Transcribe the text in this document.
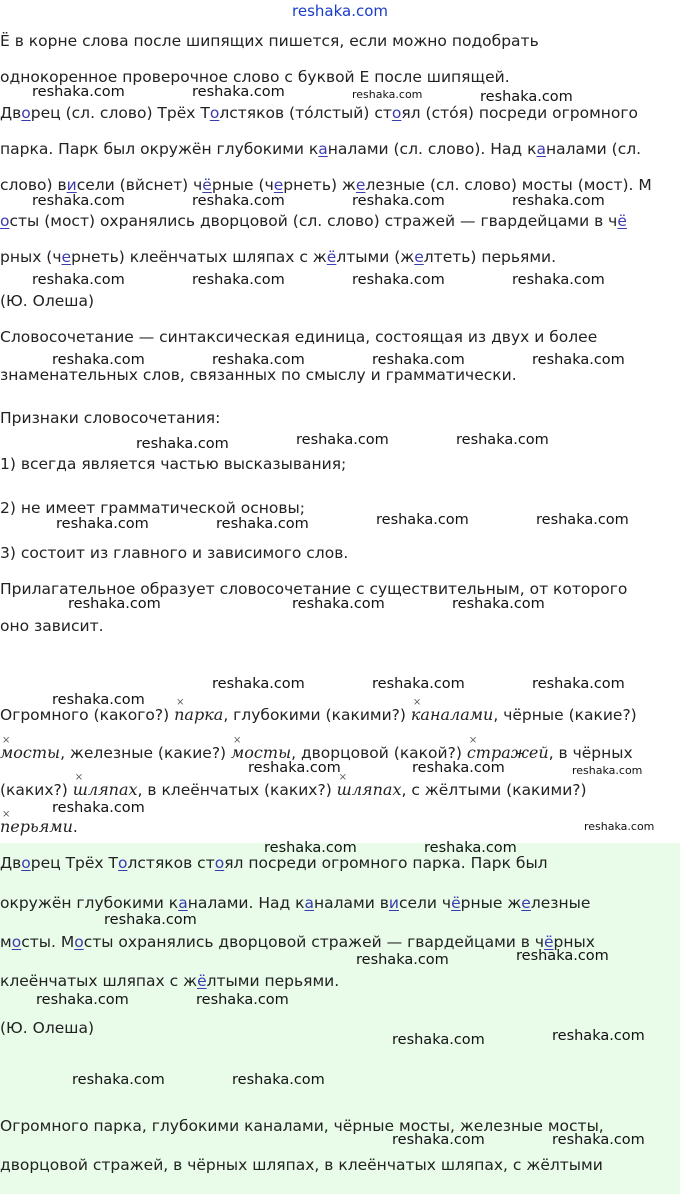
reshaka.com
Ё в корне слова после шипящих пишется, если можно подобрать
однокоренное проверочное слово с буквой Е после шипящей.
Дворец (сл. слово) Трёх Толстяков (то́лстый) стоял (стóя) посреди огромного
парка. Парк был окружён глубокими каналами (сл. слово). Над каналами (сл.
слово) висели (вйснет) чёрные (чернеть) железные (сл. слово) мосты (мост). М
осты (мост) охранялись дворцовой (сл. слово) стражей — гвардейцами в чё
рных (чернеть) клеёнчатых шляпах с жёлтыми (желтеть) перьями.
(Ю. Олеша)
Словосочетание — синтаксическая единица, состоящая из двух и более
знаменательных слов, связанных по смыслу и грамматически.
Признаки словосочетания:
1) всегда является частью высказывания;
2) не имеет грамматической основы;
3) состоит из главного и зависимого слов.
Прилагательное образует словосочетание с существительным, от которого
оно зависит.
Огромного (какого?) × парка, глубокими (какими?) × каналами, чёрные (какие?)
× мосты, железные (какие?) × мосты, дворцовой (какой?) × стражей, в чёрных
(каких?) × шляпах, в клеёнчатых (каких?) × шляпах, с жёлтыми (какими?)
× перьями.
Дворец Трёх Толстяков стоял посреди огромного парка. Парк был
окружён глубокими каналами. Над каналами висели чёрные железные
мосты. Мосты охранялись дворцовой стражей — гвардейцами в чёрных
клеёнчатых шляпах с жёлтыми перьями.
(Ю. Олеша)
Огромного парка, глубокими каналами, чёрные мосты, железные мосты,
дворцовой стражей, в чёрных шляпах, в клеёнчатых шляпах, с жёлтыми
reshaka.com	reshaka.com	reshaka.com	reshaka.com
reshaka.com	reshaka.com	reshaka.com	reshaka.com
reshaka.com	reshaka.com	reshaka.com	reshaka.com
reshaka.com	reshaka.com	reshaka.com	reshaka.com
reshaka.com	reshaka.com	reshaka.com
reshaka.com	reshaka.com	reshaka.com	reshaka.com
reshaka.com	reshaka.com	reshaka.com
reshaka.com	reshaka.com	reshaka.com
reshaka.com
reshaka.com	reshaka.com	reshaka.com
reshaka.com
reshaka.com
reshaka.com	reshaka.com
reshaka.com
reshaka.com
reshaka.com
reshaka.com	reshaka.com
reshaka.com	reshaka.com
reshaka.com	reshaka.com
reshaka.com	reshaka.com
